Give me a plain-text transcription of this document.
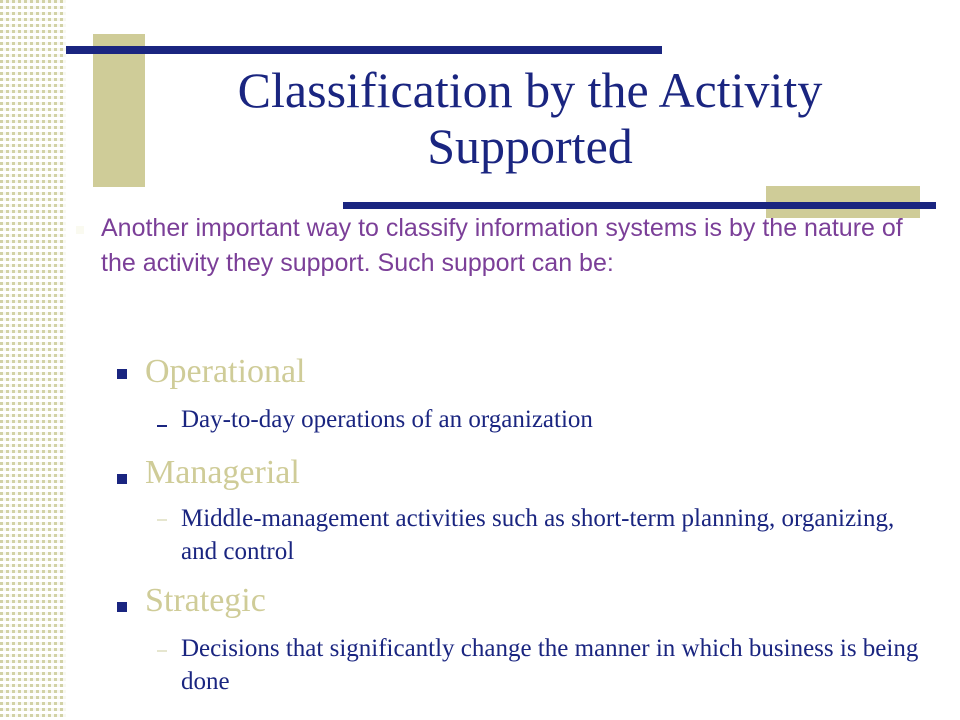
Classification by the Activity Supported

Another important way to classify information systems is by the nature of the activity they support. Such support can be:

Operational
Day-to-day operations of an organization
Managerial
Middle-management activities such as short-term planning, organizing, and control
Strategic
Decisions that significantly change the manner in which business is being done
